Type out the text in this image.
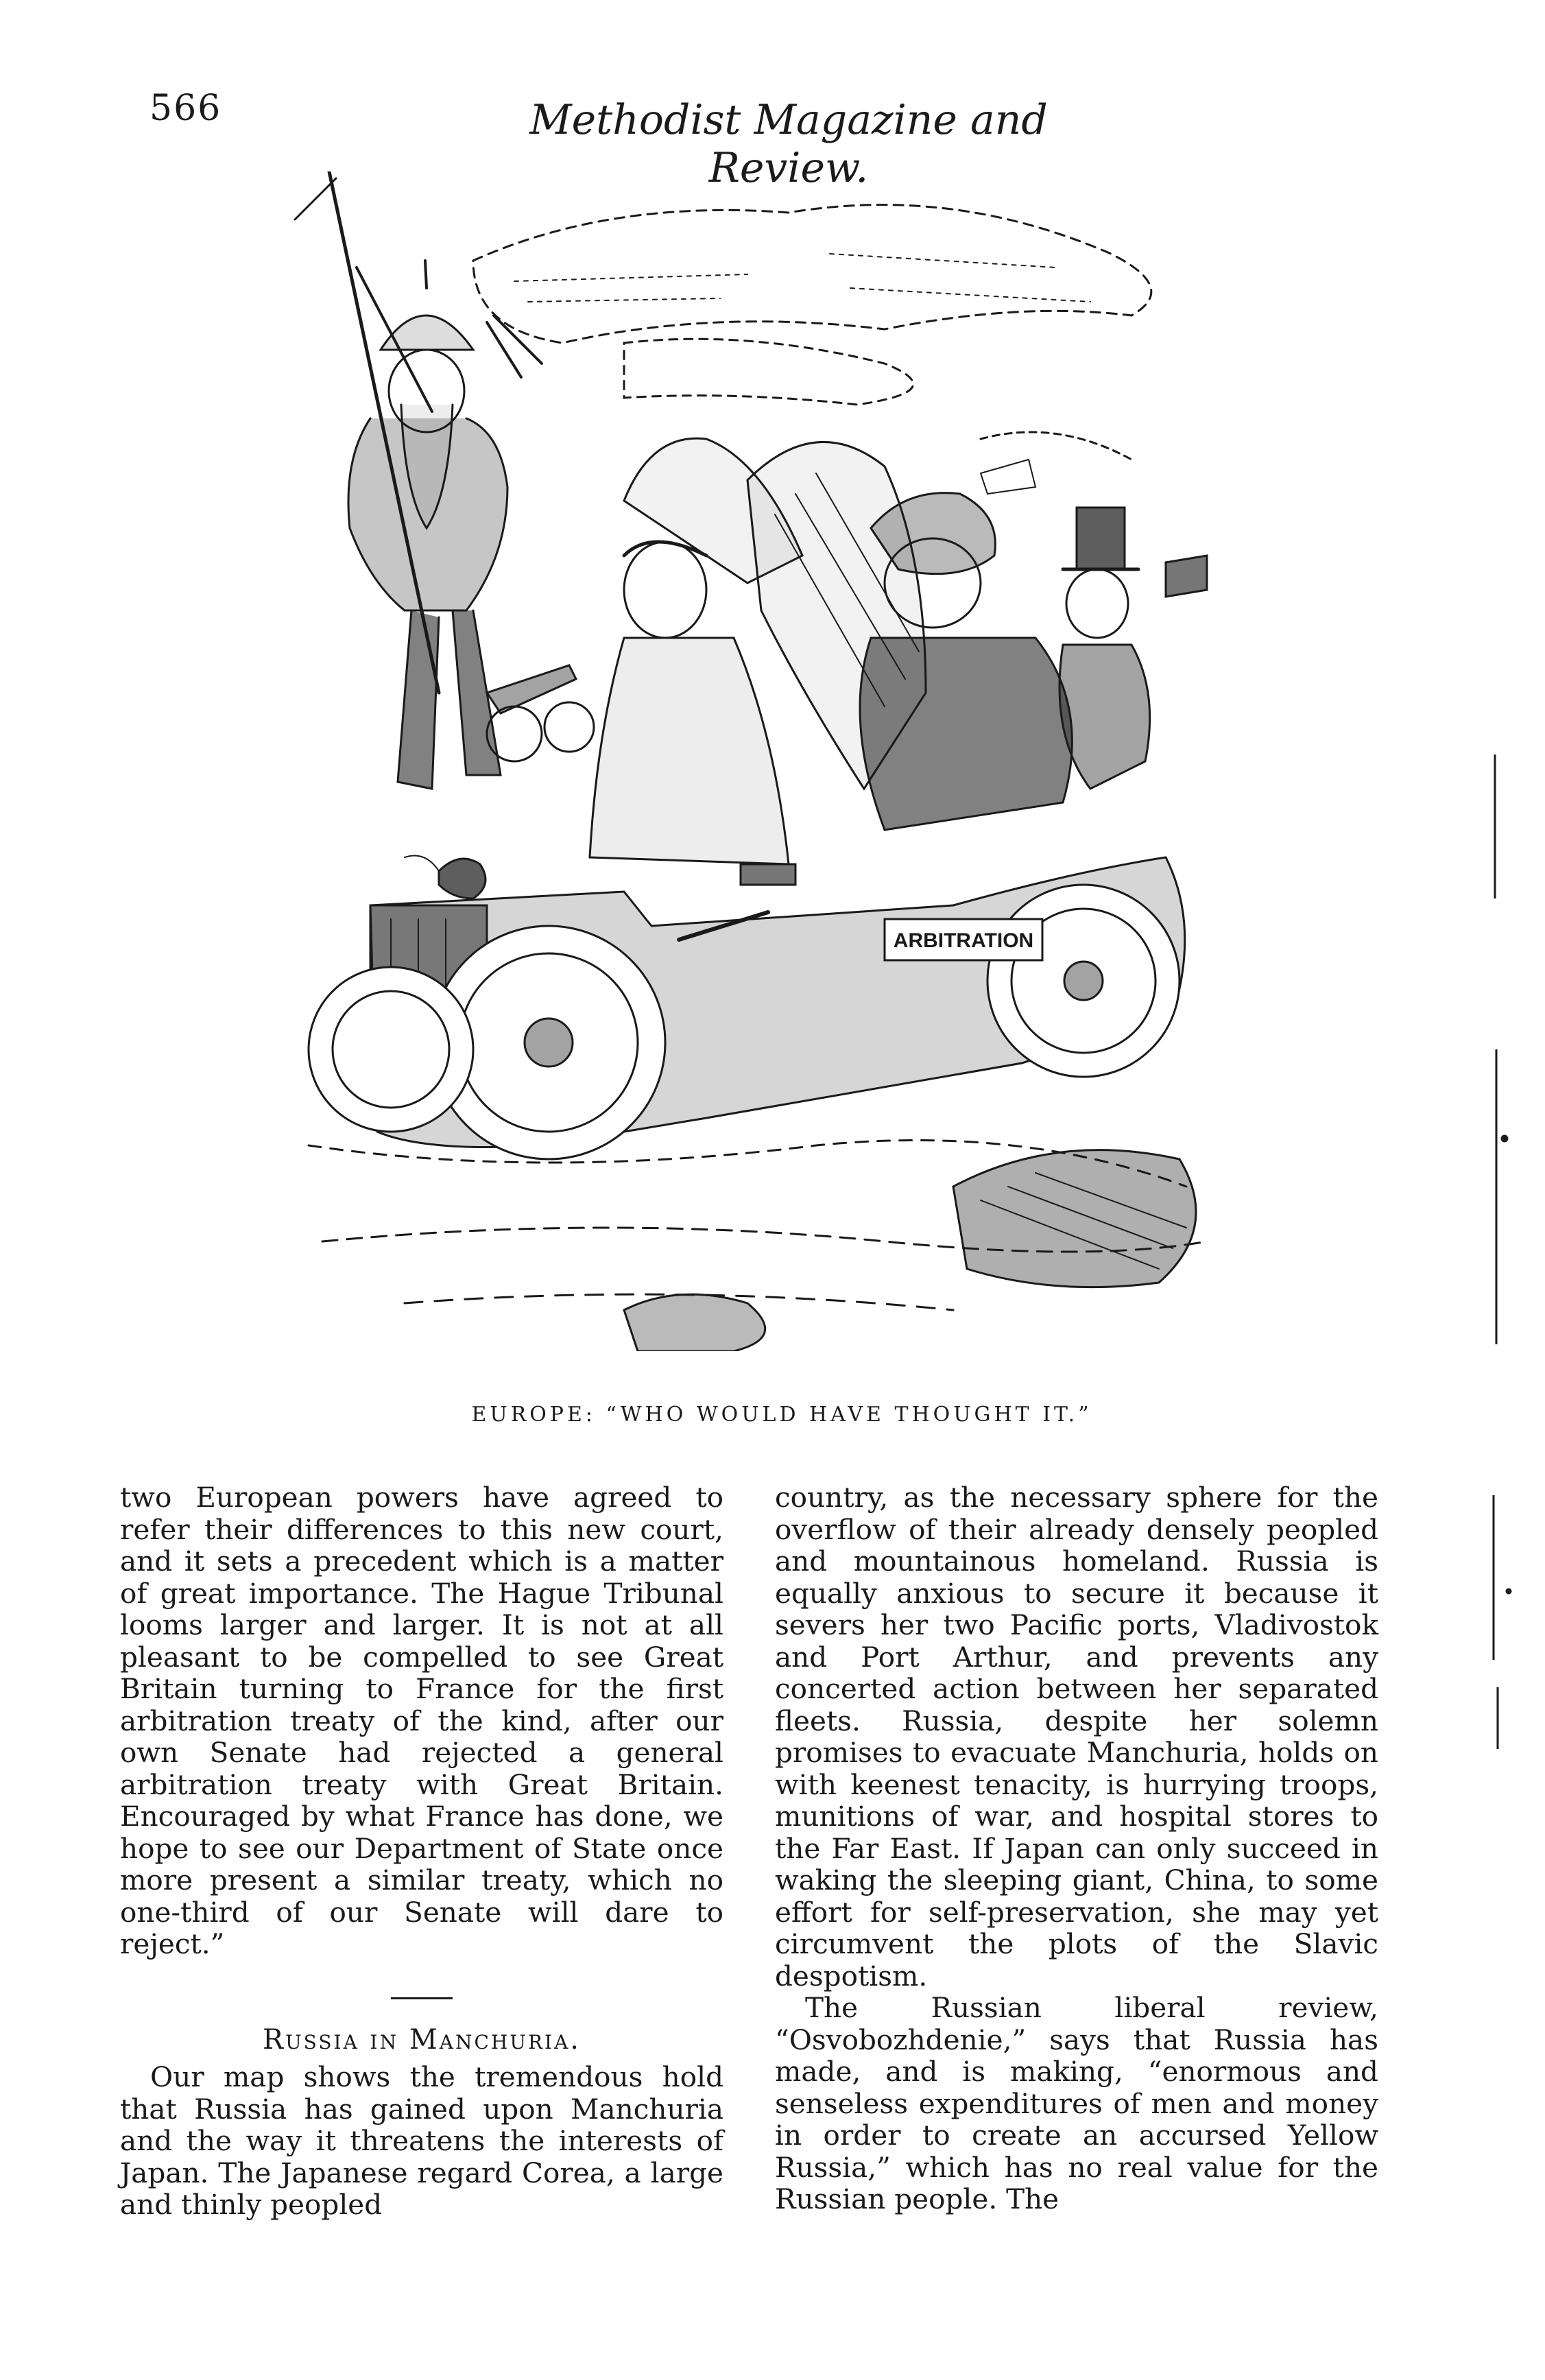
566	Methodist Magazine and Review.
ARBITRATION
EUROPE: “WHO WOULD HAVE THOUGHT IT.”

two European powers have agreed to refer their differences to this new court, and it sets a precedent which is a matter of great importance. The Hague Tribunal looms larger and larger. It is not at all pleasant to be compelled to see Great Britain turning to France for the first arbitration treaty of the kind, after our own Senate had rejected a general arbitration treaty with Great Britain. Encouraged by what France has done, we hope to see our Department of State once more present a similar treaty, which no one-third of our Senate will dare to reject.”

Russia in Manchuria.

Our map shows the tremendous hold that Russia has gained upon Manchuria and the way it threatens the interests of Japan. The Japanese regard Corea, a large and thinly peopled

country, as the necessary sphere for the overflow of their already densely peopled and mountainous homeland. Russia is equally anxious to secure it because it severs her two Pacific ports, Vladivostok and Port Arthur, and prevents any concerted action between her separated fleets. Russia, despite her solemn promises to evacuate Manchuria, holds on with keenest tenacity, is hurrying troops, munitions of war, and hospital stores to the Far East. If Japan can only succeed in waking the sleeping giant, China, to some effort for self-preservation, she may yet circumvent the plots of the Slavic despotism.

The Russian liberal review, “Osvobozhdenie,” says that Russia has made, and is making, “enormous and senseless expenditures of men and money in order to create an accursed Yellow Russia,” which has no real value for the Russian people. The
